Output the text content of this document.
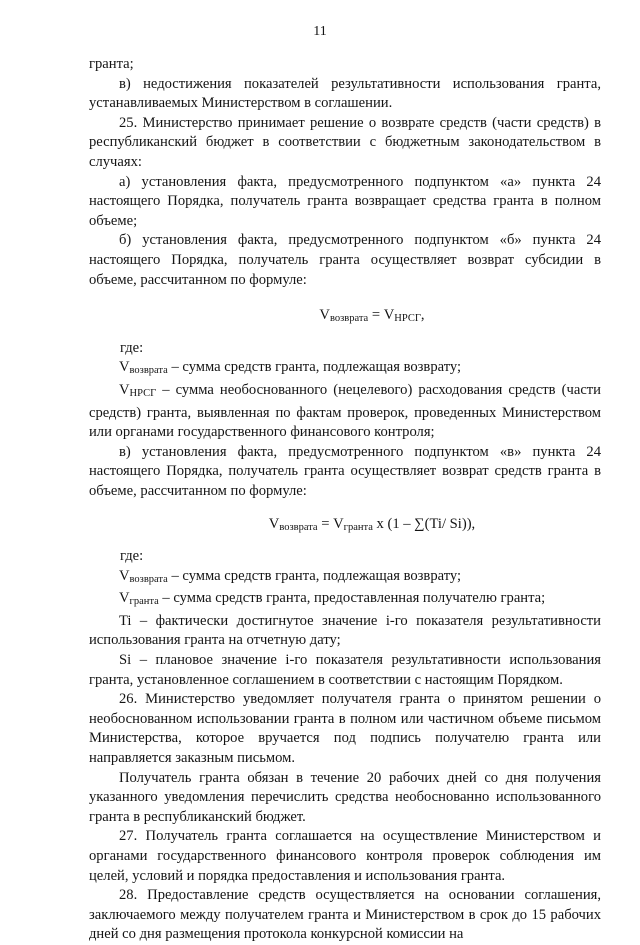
11

гранта;

в) недостижения показателей результативности использования гранта, устанавливаемых Министерством в соглашении.

25. Министерство принимает решение о возврате средств (части средств) в республиканский бюджет в соответствии с бюджетным законодательством в случаях:

а) установления факта, предусмотренного подпунктом «а» пункта 24 настоящего Порядка, получатель гранта возвращает средства гранта в полном объеме;

б) установления факта, предусмотренного подпунктом «б» пункта 24 настоящего Порядка, получатель гранта осуществляет возврат субсидии в объеме, рассчитанном по формуле:

Vвозврата = VНРСГ,

где:

Vвозврата – сумма средств гранта, подлежащая возврату;

VНРСГ – сумма необоснованного (нецелевого) расходования средств (части средств) гранта, выявленная по фактам проверок, проведенных Министерством или органами государственного финансового контроля;

в) установления факта, предусмотренного подпунктом «в» пункта 24 настоящего Порядка, получатель гранта осуществляет возврат средств гранта в объеме, рассчитанном по формуле:

Vвозврата = Vгранта x (1 – ∑(Ti/ Si)),

где:

Vвозврата – сумма средств гранта, подлежащая возврату;

Vгранта – сумма средств гранта, предоставленная получателю гранта;

Ti – фактически достигнутое значение i-го показателя результативности использования гранта на отчетную дату;

Si – плановое значение i-го показателя результативности использования гранта, установленное соглашением в соответствии с настоящим Порядком.

26. Министерство уведомляет получателя гранта о принятом решении о необоснованном использовании гранта в полном или частичном объеме письмом Министерства, которое вручается под подпись получателю гранта или направляется заказным письмом.

Получатель гранта обязан в течение 20 рабочих дней со дня получения указанного уведомления перечислить средства необоснованно использованного гранта в республиканский бюджет.

27. Получатель гранта соглашается на осуществление Министерством и органами государственного финансового контроля проверок соблюдения им целей, условий и порядка предоставления и использования гранта.

28. Предоставление средств осуществляется на основании соглашения, заключаемого между получателем гранта и Министерством в срок до 15 рабочих дней со дня размещения протокола конкурсной комиссии на
